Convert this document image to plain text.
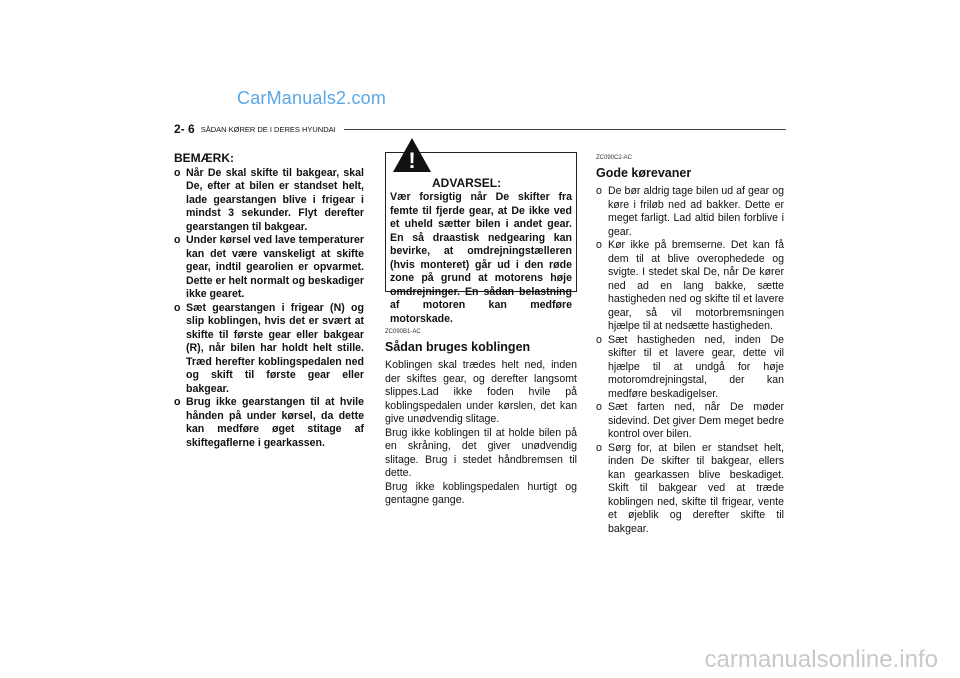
CarManuals2.com
carmanualsonline.info
2- 6 SÅDAN KØRER DE I DERES HYUNDAI
BEMÆRK:
o Når De skal skifte til bakgear, skal De, efter at bilen er standset helt, lade gearstangen blive i frigear i mindst 3 sekunder. Flyt derefter gearstangen til bakgear.
o Under kørsel ved lave temperaturer kan det være vanskeligt at skifte gear, indtil gearolien er opvarmet. Dette er helt normalt og beskadiger ikke gearet.
o Sæt gearstangen i frigear (N) og slip koblingen, hvis det er svært at skifte til første gear eller bakgear (R), når bilen har holdt helt stille. Træd herefter koblingspedalen ned og skift til første gear eller bakgear.
o Brug ikke gearstangen til at hvile hånden på under kørsel, da dette kan medføre øget stitage af skiftegaflerne i gearkassen.
!
ADVARSEL:
Vær forsigtig når De skifter fra femte til fjerde gear, at De ikke ved et uheld sætter bilen i andet gear. En så draastisk nedgearing kan bevirke, at omdrejningstælleren (hvis monteret) går ud i den røde zone på grund at motorens høje omdrejninger. En sådan belastning af motoren kan medføre motorskade.
ZC090B1-AC
Sådan bruges koblingen
Koblingen skal trædes helt ned, inden der skiftes gear, og derefter langsomt slippes.Lad ikke foden hvile på koblingspedalen under kørslen, det kan give unødvendig slitage.
Brug ikke koblingen til at holde bilen på en skråning, det giver unødvendig slitage. Brug i stedet håndbremsen til dette.
Brug ikke koblingspedalen hurtigt og gentagne gange.
ZC090C2-AC
Gode kørevaner
o De bør aldrig tage bilen ud af gear og køre i friløb ned ad bakker. Dette er meget farligt. Lad altid bilen forblive i gear.
o Kør ikke på bremserne. Det kan få dem til at blive overophedede og svigte. I stedet skal De, når De kører ned ad en lang bakke, sætte hastigheden ned og skifte til et lavere gear, så vil motorbremsningen hjælpe til at nedsætte hastigheden.
o Sæt hastigheden ned, inden De skifter til et lavere gear, dette vil hjælpe til at undgå for høje motoromdrejningstal, der kan medføre beskadigelser.
o Sæt farten ned, når De møder sidevind. Det giver Dem meget bedre kontrol over bilen.
o Sørg for, at bilen er standset helt, inden De skifter til bakgear, ellers kan gearkassen blive beskadiget. Skift til bakgear ved at træde koblingen ned, skifte til frigear, vente et øjeblik og derefter skifte til bakgear.
